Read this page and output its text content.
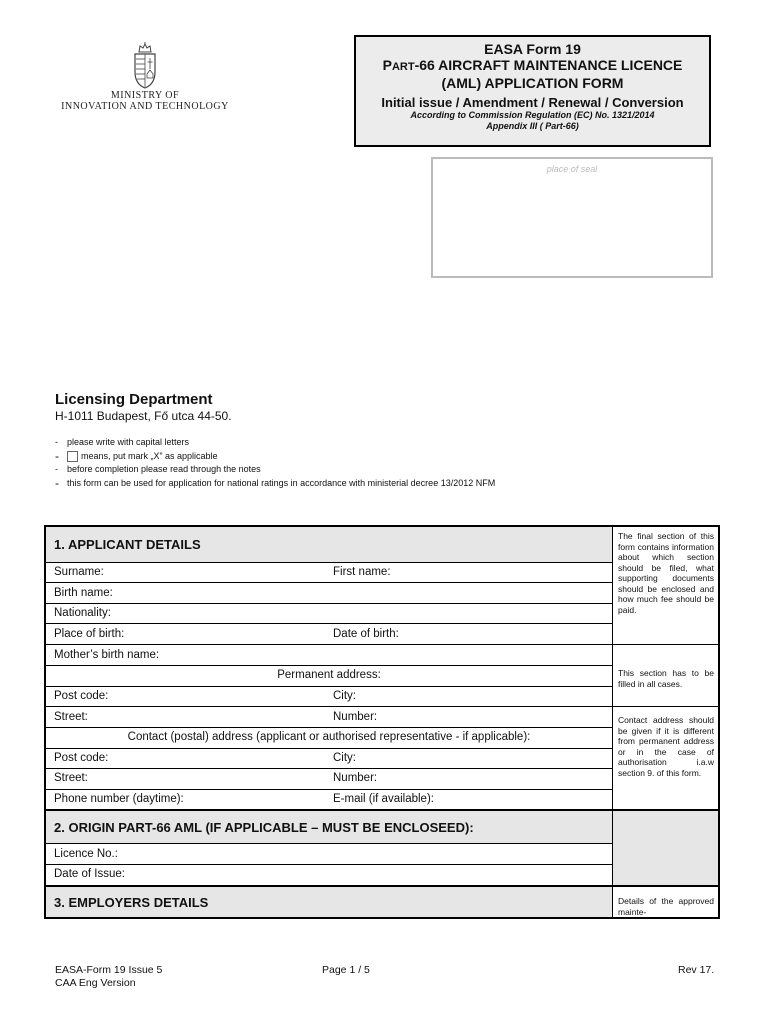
MINISTRY OF
INNOVATION AND TECHNOLOGY
EASA Form 19
PART-66 AIRCRAFT MAINTENANCE LICENCE
(AML) APPLICATION FORM
Initial issue / Amendment / Renewal / Conversion
According to Commission Regulation (EC) No. 1321/2014
Appendix III ( Part-66)
place of seal
Licensing Department
H-1011 Budapest, Fő utca 44-50.
-	please write with capital letters
-	means, put mark „X” as applicable
-	before completion please read through the notes
- this form can be used for application for national ratings in accordance with ministerial decree 13/2012 NFM
1. APPLICANT DETAILS
Surname:	First name:
Birth name:
Nationality:
Place of birth:	Date of birth:
Mother’s birth name:
Permanent address:
Post code:	City:
Street:	Number:
Contact (postal) address (applicant or authorised representative - if applicable):
Post code:	City:
Street:	Number:
Phone number (daytime):	E-mail (if available):
2. ORIGIN PART-66 AML (IF APPLICABLE – MUST BE ENCLOSEED):
Licence No.:
Date of Issue:
3. EMPLOYERS DETAILS
The final section of this form contains information about which section should be filed, what supporting documents should be enclosed and how much fee should be paid.
This section has to be filled in all cases.
Contact address should be given if it is different from permanent address or in the case of authorisation i.a.w section 9. of this form.
Details of the approved mainte-
EASA-Form 19 Issue 5
CAA Eng Version
Page 1 / 5	Rev 17.
